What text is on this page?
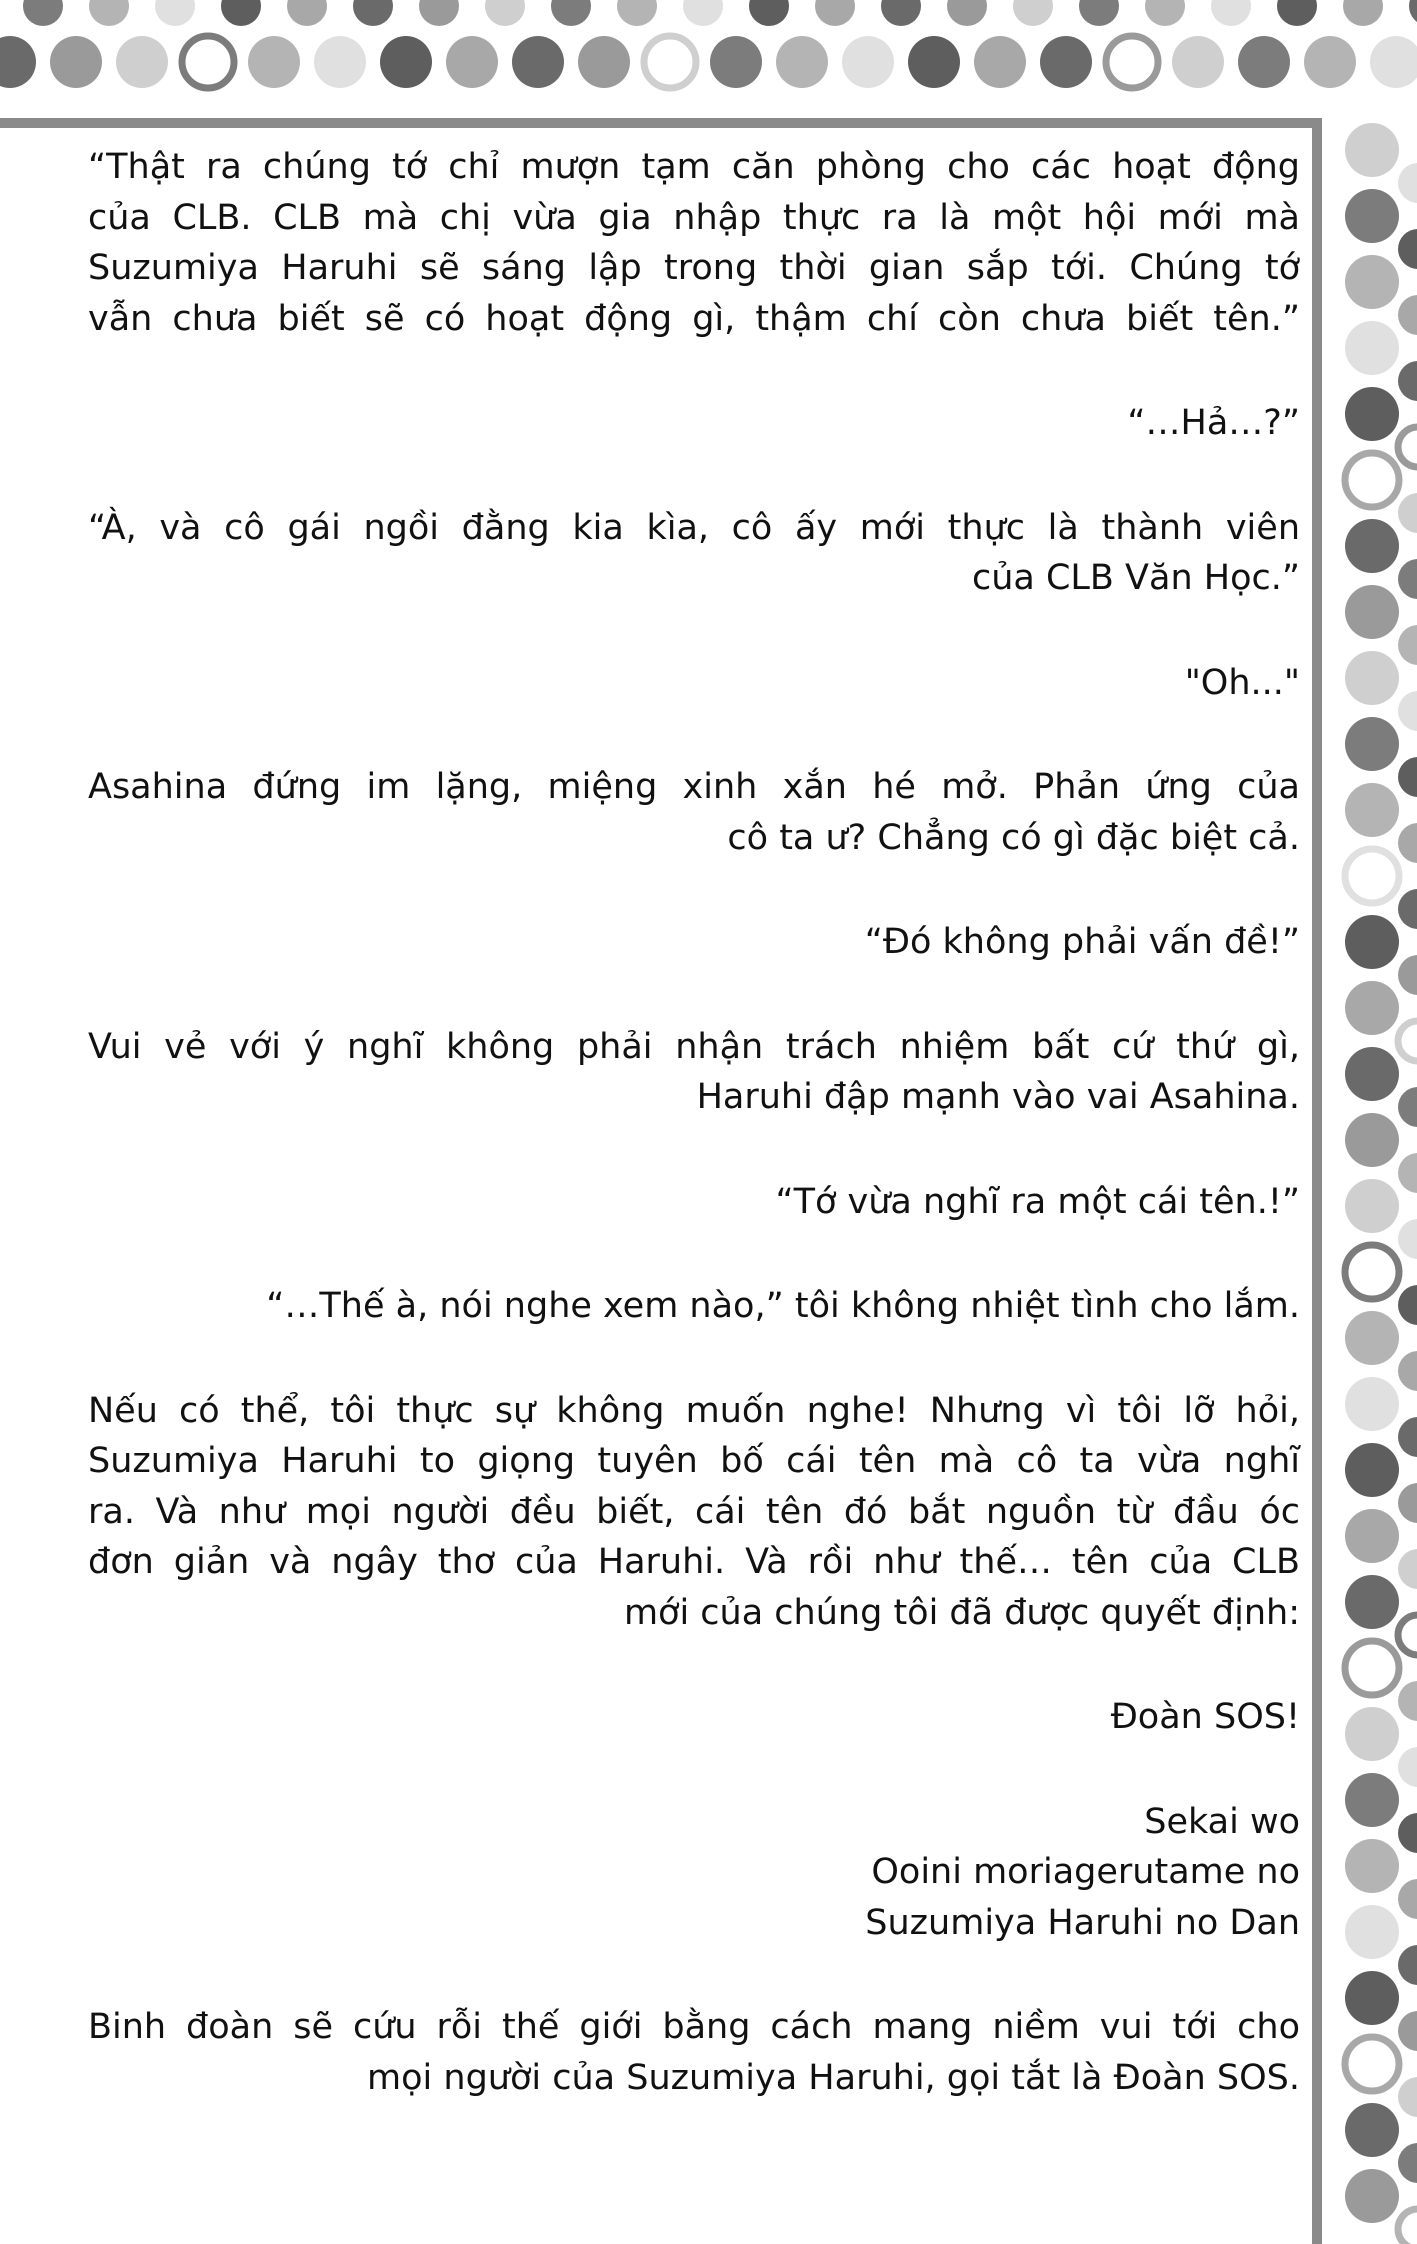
“Thật ra chúng tớ chỉ mượn tạm căn phòng cho các hoạt động
của CLB. CLB mà chị vừa gia nhập thực ra là một hội mới mà
Suzumiya Haruhi sẽ sáng lập trong thời gian sắp tới. Chúng tớ
vẫn chưa biết sẽ có hoạt động gì, thậm chí còn chưa biết tên.”
“…Hả…?”
“À, và cô gái ngồi đằng kia kìa, cô ấy mới thực là thành viên
của CLB Văn Học.”
"Oh..."
Asahina đứng im lặng, miệng xinh xắn hé mở. Phản ứng của
cô ta ư? Chẳng có gì đặc biệt cả.
“Đó không phải vấn đề!”
Vui vẻ với ý nghĩ không phải nhận trách nhiệm bất cứ thứ gì,
Haruhi đập mạnh vào vai Asahina.
“Tớ vừa nghĩ ra một cái tên.!”
“…Thế à, nói nghe xem nào,” tôi không nhiệt tình cho lắm.
Nếu có thể, tôi thực sự không muốn nghe! Nhưng vì tôi lỡ hỏi,
Suzumiya Haruhi to giọng tuyên bố cái tên mà cô ta vừa nghĩ
ra. Và như mọi người đều biết, cái tên đó bắt nguồn từ đầu óc
đơn giản và ngây thơ của Haruhi. Và rồi như thế… tên của CLB
mới của chúng tôi đã được quyết định:
Đoàn SOS!
Sekai wo
Ooini moriagerutame no
Suzumiya Haruhi no Dan
Binh đoàn sẽ cứu rỗi thế giới bằng cách mang niềm vui tới cho
mọi người của Suzumiya Haruhi, gọi tắt là Đoàn SOS.
